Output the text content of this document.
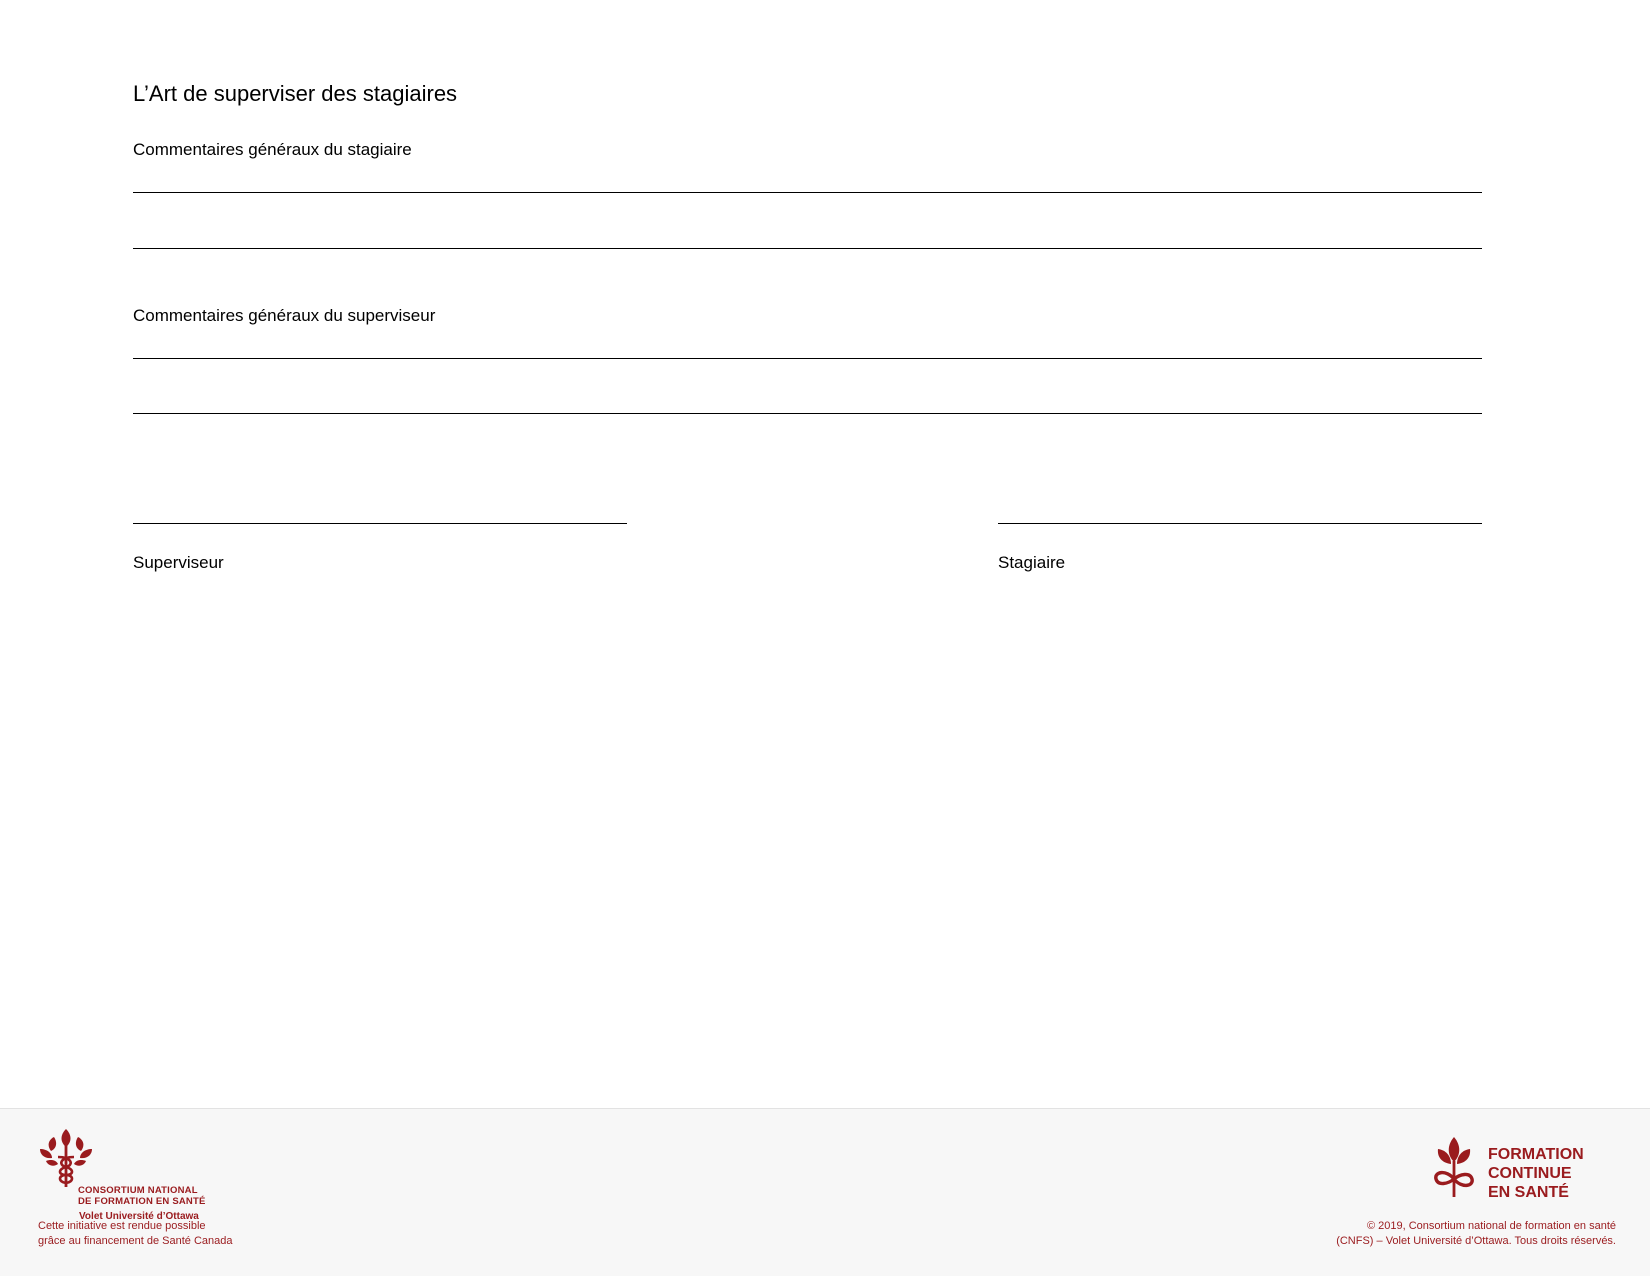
L’Art de superviser des stagiaires

Commentaires généraux du stagiaire

Commentaires généraux du superviseur

Superviseur	Stagiaire

CONSORTIUM NATIONAL
DE FORMATION EN SANTÉ
Volet Université d’Ottawa
Cette initiative est rendue possible
grâce au financement de Santé Canada
FORMATION
CONTINUE
EN SANTÉ
© 2019, Consortium national de formation en santé
(CNFS) – Volet Université d’Ottawa. Tous droits réservés.
